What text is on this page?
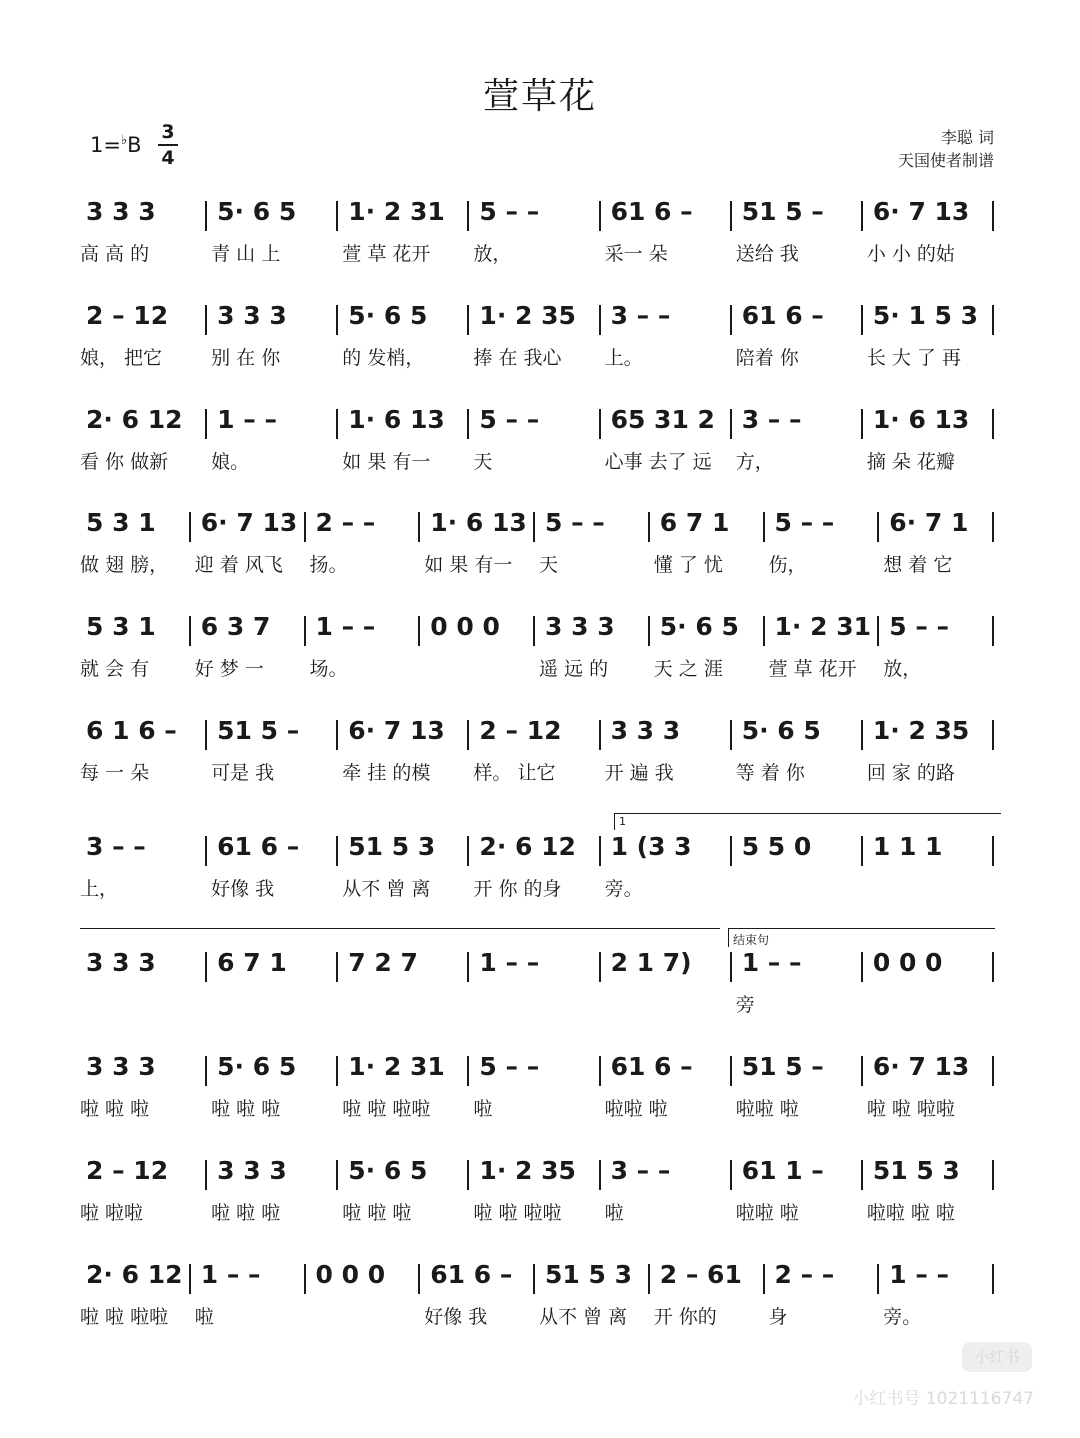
萱草花
1=♭B
3
4
李聪 词
天国使者制谱
1
结束句
3 3 3 5· 6 5 1· 2 31 5 – –	61 6 – 51 5 – 6· 7 13
高 高 的	青 山 上	萱 草 花开 放，	采一 朵	送给 我	小 小 的姑
2 – 12 3 3 3 5· 6 5 1· 2 35 3 – –	61 6 – 5· 1 5 3
娘， 把它	别 在 你	的 发梢，	捧 在 我心 上。	陪着 你	长 大 了 再
2· 6 12 1 – –	1· 6 13 5 – –	65 31 2 3 – –	1· 6 13
看 你 做新 娘。	如 果 有一 天	心事 去了 远 方，	摘 朵 花瓣
5 3 1 6· 7 13 2 – – 1· 6 13 5 – – 6 7 1 5 – – 6· 7 1
做 翅 膀， 迎 着 风飞 扬。	如 果 有一 天	懂 了 忧 伤，	想 着 它
5 3 1 6 3 7 1 – – 0 0 0 3 3 3 5· 6 5 1· 2 31 5 – –
就 会 有 好 梦 一 场。	遥 远 的 天 之 涯 萱 草 花开 放，
6 1 6 – 51 5 – 6· 7 13 2 – 12 3 3 3 5· 6 5 1· 2 35
每 一 朵	可是 我	牵 挂 的模 样。 让它	开 遍 我	等 着 你	回 家 的路
3 – –	61 6 – 51 5 3 2· 6 12 1 (3 3 5 5 0 1 1 1
上，	好像 我	从不 曾 离 开 你 的身 旁。
3 3 3 6 7 1 7 2 7 1 – –	2 1 7) 1 – –	0 0 0
旁
3 3 3 5· 6 5 1· 2 31 5 – –	61 6 – 51 5 – 6· 7 13
啦 啦 啦	啦 啦 啦	啦 啦 啦啦 啦	啦啦 啦	啦啦 啦	啦 啦 啦啦
2 – 12 3 3 3 5· 6 5 1· 2 35 3 – –	61 1 – 51 5 3
啦 啦啦	啦 啦 啦	啦 啦 啦	啦 啦 啦啦 啦	啦啦 啦	啦啦 啦 啦
2· 6 12 1 – – 0 0 0 61 6 – 51 5 3 2 – 61 2 – – 1 – –
啦 啦 啦啦 啦	好像 我	从不 曾 离 开 你的	身	旁。
小红书
小红书号 1021116747
